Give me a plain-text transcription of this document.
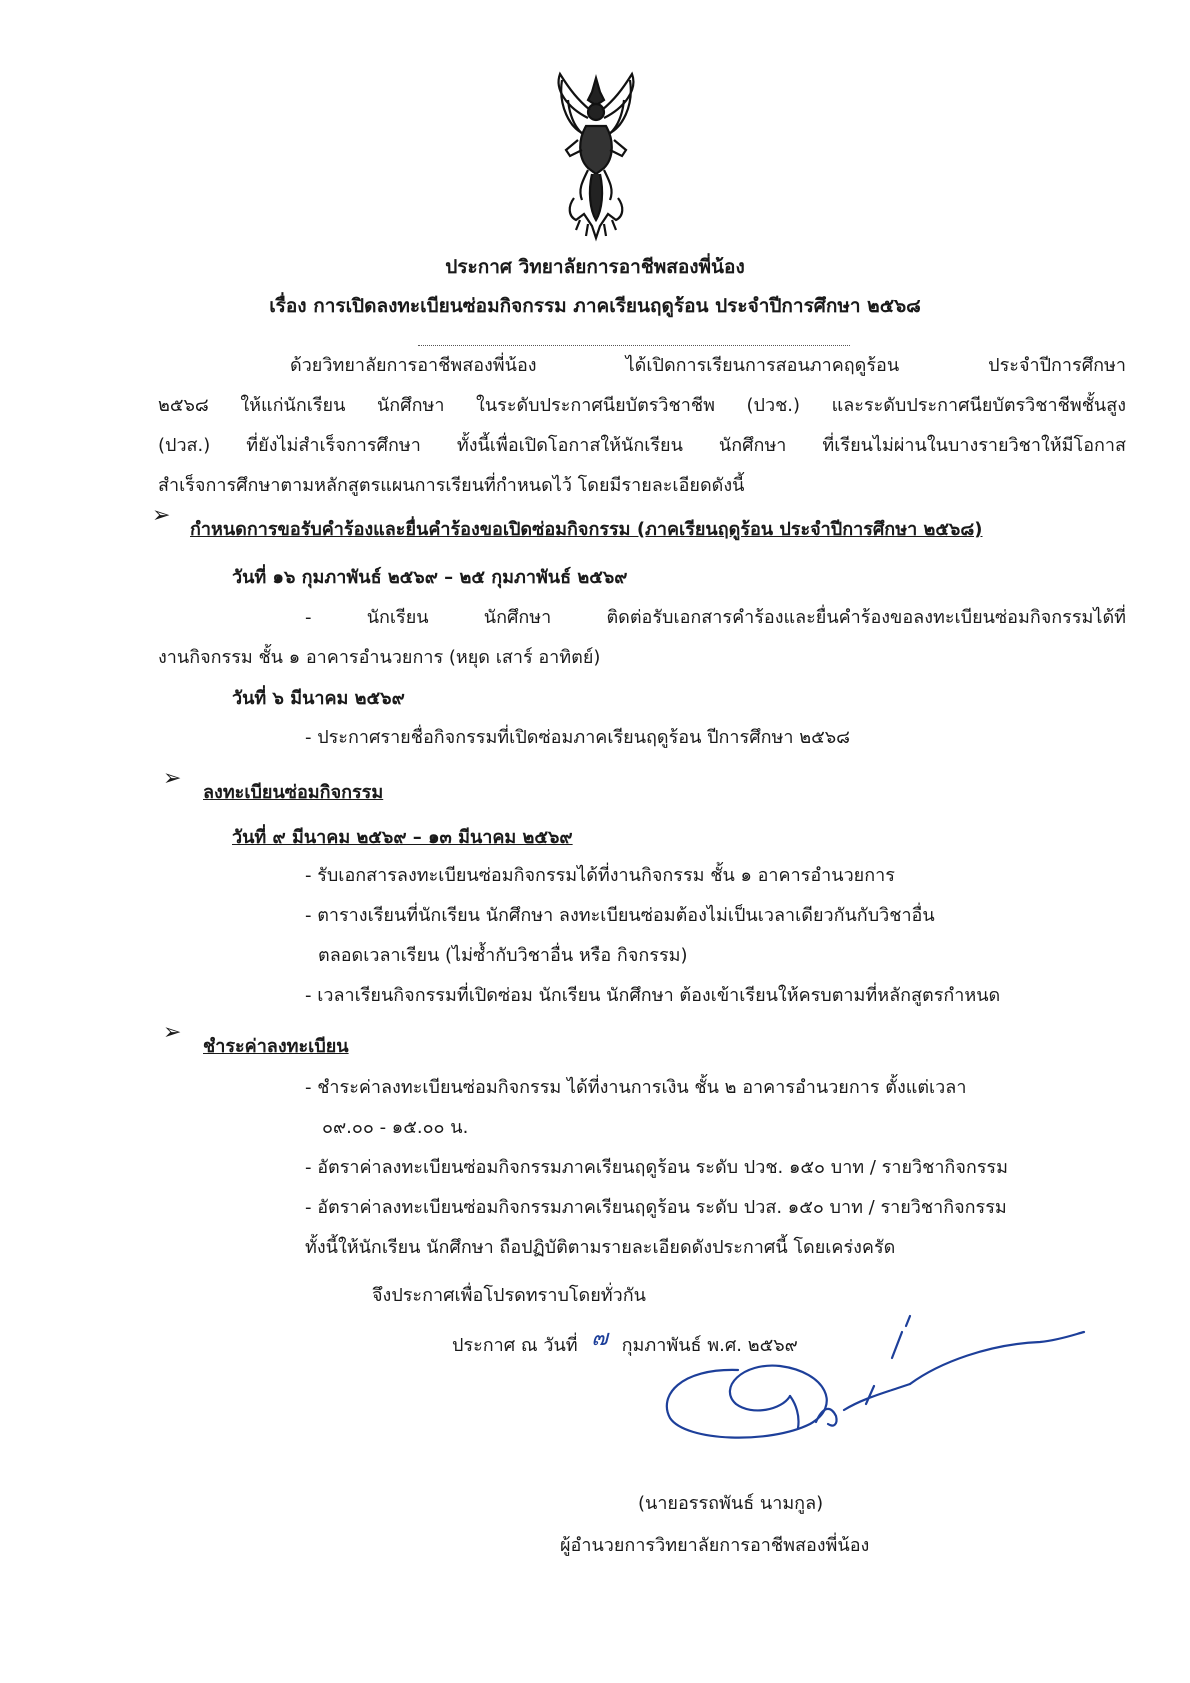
ประกาศ วิทยาลัยการอาชีพสองพี่น้อง
เรื่อง การเปิดลงทะเบียนซ่อมกิจกรรม ภาคเรียนฤดูร้อน ประจำปีการศึกษา ๒๕๖๘
ด้วยวิทยาลัยการอาชีพสองพี่น้อง ได้เปิดการเรียนการสอนภาคฤดูร้อน ประจำปีการศึกษา
๒๕๖๘ ให้แก่นักเรียน นักศึกษา ในระดับประกาศนียบัตรวิชาชีพ (ปวช.) และระดับประกาศนียบัตรวิชาชีพชั้นสูง
(ปวส.) ที่ยังไม่สำเร็จการศึกษา ทั้งนี้เพื่อเปิดโอกาสให้นักเรียน นักศึกษา ที่เรียนไม่ผ่านในบางรายวิชาให้มีโอกาส
สำเร็จการศึกษาตามหลักสูตรแผนการเรียนที่กำหนดไว้ โดยมีรายละเอียดดังนี้
➢
กำหนดการขอรับคำร้องและยื่นคำร้องขอเปิดซ่อมกิจกรรม (ภาคเรียนฤดูร้อน ประจำปีการศึกษา ๒๕๖๘)
วันที่ ๑๖ กุมภาพันธ์ ๒๕๖๙ – ๒๕ กุมภาพันธ์ ๒๕๖๙
- นักเรียน นักศึกษา ติดต่อรับเอกสารคำร้องและยื่นคำร้องขอลงทะเบียนซ่อมกิจกรรมได้ที่
งานกิจกรรม ชั้น ๑ อาคารอำนวยการ (หยุด เสาร์ อาทิตย์)
วันที่ ๖ มีนาคม ๒๕๖๙
- ประกาศรายชื่อกิจกรรมที่เปิดซ่อมภาคเรียนฤดูร้อน ปีการศึกษา ๒๕๖๘
➢
ลงทะเบียนซ่อมกิจกรรม
วันที่ ๙ มีนาคม ๒๕๖๙ – ๑๓ มีนาคม ๒๕๖๙
- รับเอกสารลงทะเบียนซ่อมกิจกรรมได้ที่งานกิจกรรม ชั้น ๑ อาคารอำนวยการ
- ตารางเรียนที่นักเรียน นักศึกษา ลงทะเบียนซ่อมต้องไม่เป็นเวลาเดียวกันกับวิชาอื่น
ตลอดเวลาเรียน (ไม่ซ้ำกับวิชาอื่น หรือ กิจกรรม)
- เวลาเรียนกิจกรรมที่เปิดซ่อม นักเรียน นักศึกษา ต้องเข้าเรียนให้ครบตามที่หลักสูตรกำหนด
➢
ชำระค่าลงทะเบียน
- ชำระค่าลงทะเบียนซ่อมกิจกรรม ได้ที่งานการเงิน ชั้น ๒ อาคารอำนวยการ ตั้งแต่เวลา
๐๙.๐๐ - ๑๕.๐๐ น.
- อัตราค่าลงทะเบียนซ่อมกิจกรรมภาคเรียนฤดูร้อน ระดับ ปวช. ๑๕๐ บาท / รายวิชากิจกรรม
- อัตราค่าลงทะเบียนซ่อมกิจกรรมภาคเรียนฤดูร้อน ระดับ ปวส. ๑๕๐ บาท / รายวิชากิจกรรม
ทั้งนี้ให้นักเรียน นักศึกษา ถือปฏิบัติตามรายละเอียดดังประกาศนี้ โดยเคร่งครัด
จึงประกาศเพื่อโปรดทราบโดยทั่วกัน
ประกาศ ณ วันที่ ๗ กุมภาพันธ์ พ.ศ. ๒๕๖๙
(นายอรรถพันธ์ นามกูล)
ผู้อำนวยการวิทยาลัยการอาชีพสองพี่น้อง
